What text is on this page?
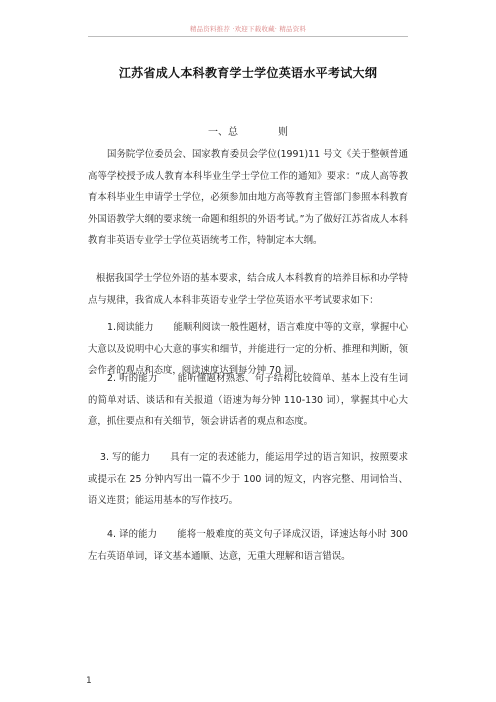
精品资料推荐 ·欢迎下载收藏· 精品资料
江苏省成人本科教育学士学位英语水平考试大纲
一、总	则

国务院学位委员会、国家教育委员会学位(1991)11 号文《关于整顿普通高等学校授予成人教育本科毕业生学士学位工作的通知》要求：“成人高等教育本科毕业生申请学士学位，必须参加由地方高等教育主管部门参照本科教育外国语教学大纲的要求统一命题和组织的外语考试。”为了做好江苏省成人本科教育非英语专业学士学位英语统考工作，特制定本大纲。

根据我国学士学位外语的基本要求，结合成人本科教育的培养目标和办学特点与规律，我省成人本科非英语专业学士学位英语水平考试要求如下：

1.阅读能力 能顺利阅读一般性题材，语言难度中等的文章，掌握中心大意以及说明中心大意的事实和细节，并能进行一定的分析、推理和判断，领会作者的观点和态度，阅读速度达到每分钟 70 词。

2. 听的能力 能听懂题材熟悉、句子结构比较简单、基本上没有生词的简单对话、谈话和有关报道（语速为每分钟 110-130 词），掌握其中心大意，抓住要点和有关细节，领会讲话者的观点和态度。

3. 写的能力 具有一定的表述能力，能运用学过的语言知识，按照要求或提示在 25 分钟内写出一篇不少于 100 词的短文，内容完整、用词恰当、语义连贯；能运用基本的写作技巧。

4. 译的能力 能将一般难度的英文句子译成汉语，译速达每小时 300 左右英语单词，译文基本通顺、达意，无重大理解和语言错误。

1
